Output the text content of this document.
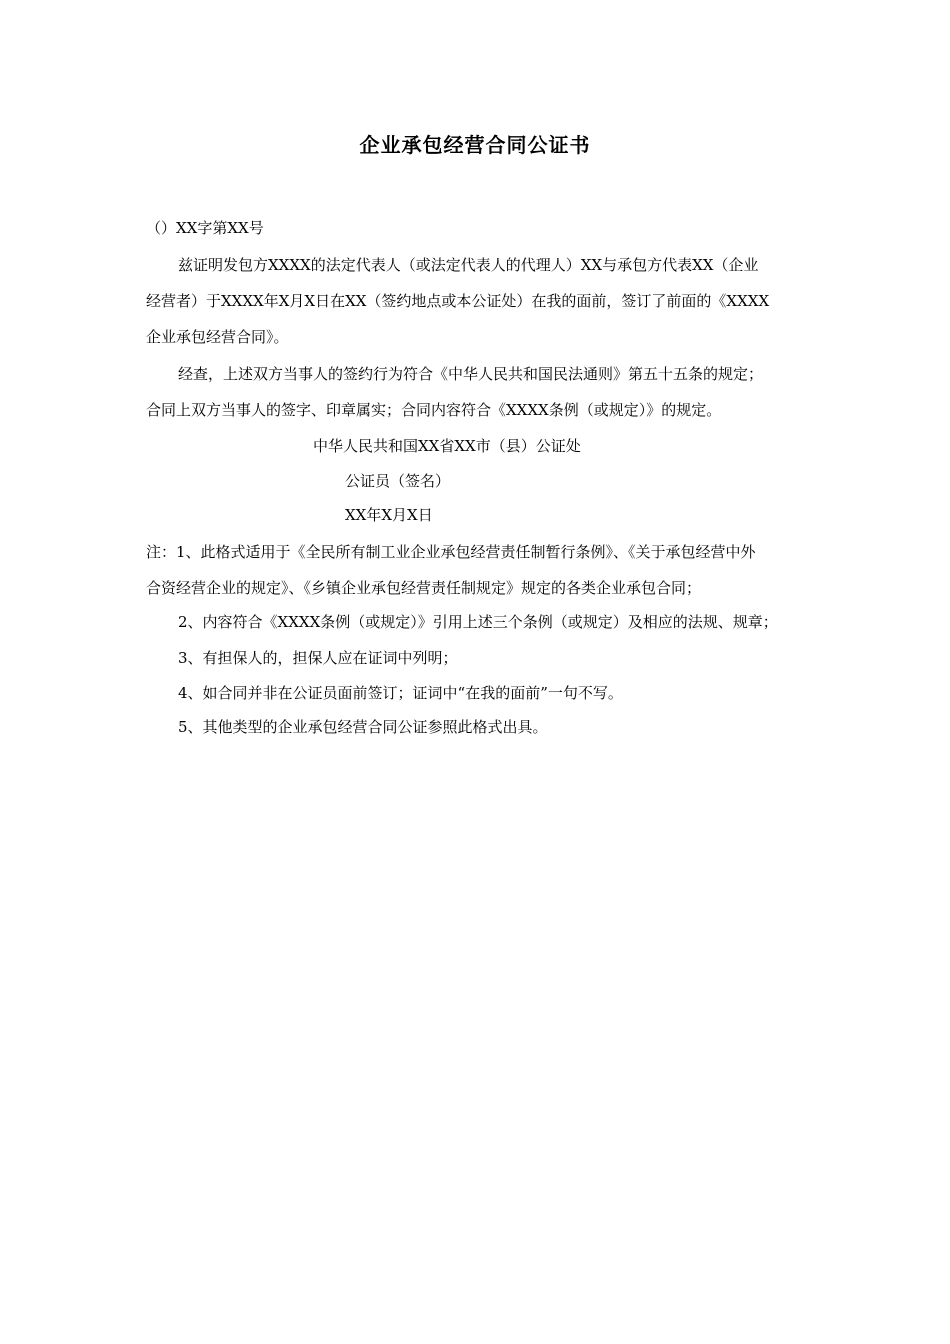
企业承包经营合同公证书
（）XX字第XX号
兹证明发包方XXXX的法定代表人（或法定代表人的代理人）XX与承包方代表XX（企业
经营者）于XXXX年X月X日在XX（签约地点或本公证处）在我的面前，签订了前面的《XXXX
企业承包经营合同》。
经查，上述双方当事人的签约行为符合《中华人民共和国民法通则》第五十五条的规定；
合同上双方当事人的签字、印章属实；合同内容符合《XXXX条例（或规定）》的规定。
中华人民共和国XX省XX市（县）公证处
公证员（签名）
XX年X月X日
注：1、此格式适用于《全民所有制工业企业承包经营责任制暂行条例》、《关于承包经营中外
合资经营企业的规定》、《乡镇企业承包经营责任制规定》规定的各类企业承包合同；
2、内容符合《XXXX条例（或规定）》引用上述三个条例（或规定）及相应的法规、规章；
3、有担保人的，担保人应在证词中列明；
4、如合同并非在公证员面前签订；证词中“在我的面前”一句不写。
5、其他类型的企业承包经营合同公证参照此格式出具。
